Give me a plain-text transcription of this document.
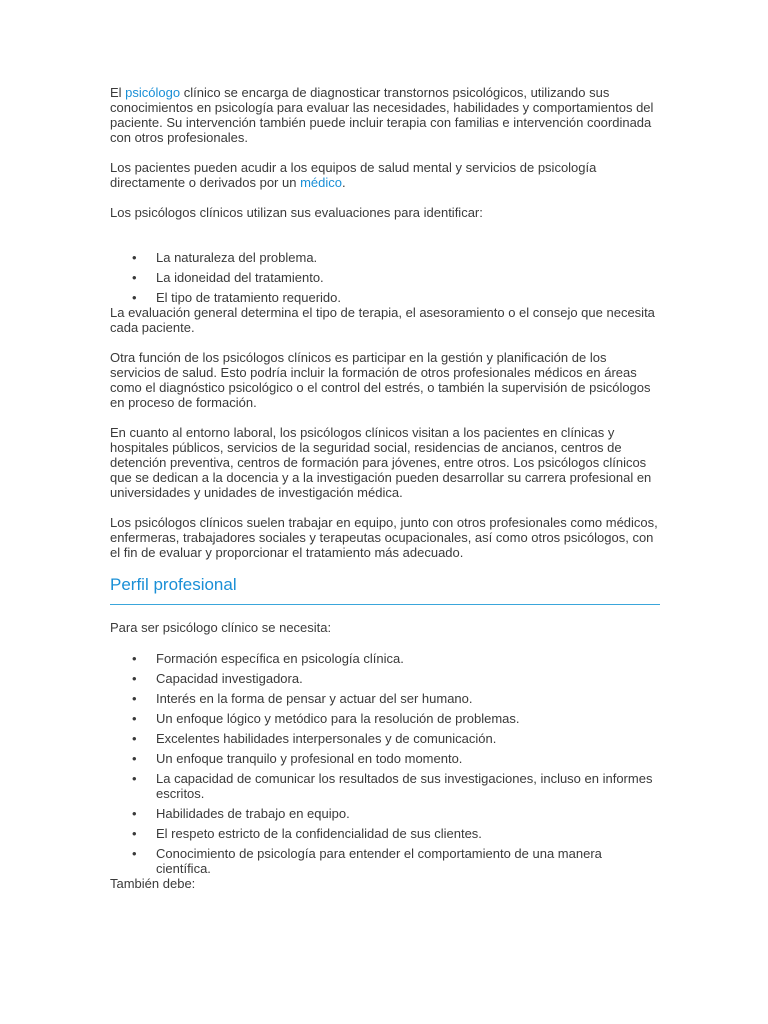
El psicólogo clínico se encarga de diagnosticar transtornos psicológicos, utilizando sus conocimientos en psicología para evaluar las necesidades, habilidades y comportamientos del paciente. Su intervención también puede incluir terapia con familias e intervención coordinada con otros profesionales.

Los pacientes pueden acudir a los equipos de salud mental y servicios de psicología directamente o derivados por un médico.

Los psicólogos clínicos utilizan sus evaluaciones para identificar:

• La naturaleza del problema.
• La idoneidad del tratamiento.
• El tipo de tratamiento requerido.

La evaluación general determina el tipo de terapia, el asesoramiento o el consejo que necesita cada paciente.

Otra función de los psicólogos clínicos es participar en la gestión y planificación de los servicios de salud. Esto podría incluir la formación de otros profesionales médicos en áreas como el diagnóstico psicológico o el control del estrés, o también la supervisión de psicólogos en proceso de formación.

En cuanto al entorno laboral, los psicólogos clínicos visitan a los pacientes en clínicas y hospitales públicos, servicios de la seguridad social, residencias de ancianos, centros de detención preventiva, centros de formación para jóvenes, entre otros. Los psicólogos clínicos que se dedican a la docencia y a la investigación pueden desarrollar su carrera profesional en universidades y unidades de investigación médica.

Los psicólogos clínicos suelen trabajar en equipo, junto con otros profesionales como médicos, enfermeras, trabajadores sociales y terapeutas ocupacionales, así como otros psicólogos, con el fin de evaluar y proporcionar el tratamiento más adecuado.

Perfil profesional

Para ser psicólogo clínico se necesita:

• Formación específica en psicología clínica.
• Capacidad investigadora.
• Interés en la forma de pensar y actuar del ser humano.
• Un enfoque lógico y metódico para la resolución de problemas.
• Excelentes habilidades interpersonales y de comunicación.
• Un enfoque tranquilo y profesional en todo momento.
• La capacidad de comunicar los resultados de sus investigaciones, incluso en informes escritos.
• Habilidades de trabajo en equipo.
• El respeto estricto de la confidencialidad de sus clientes.
• Conocimiento de psicología para entender el comportamiento de una manera científica.

También debe:
